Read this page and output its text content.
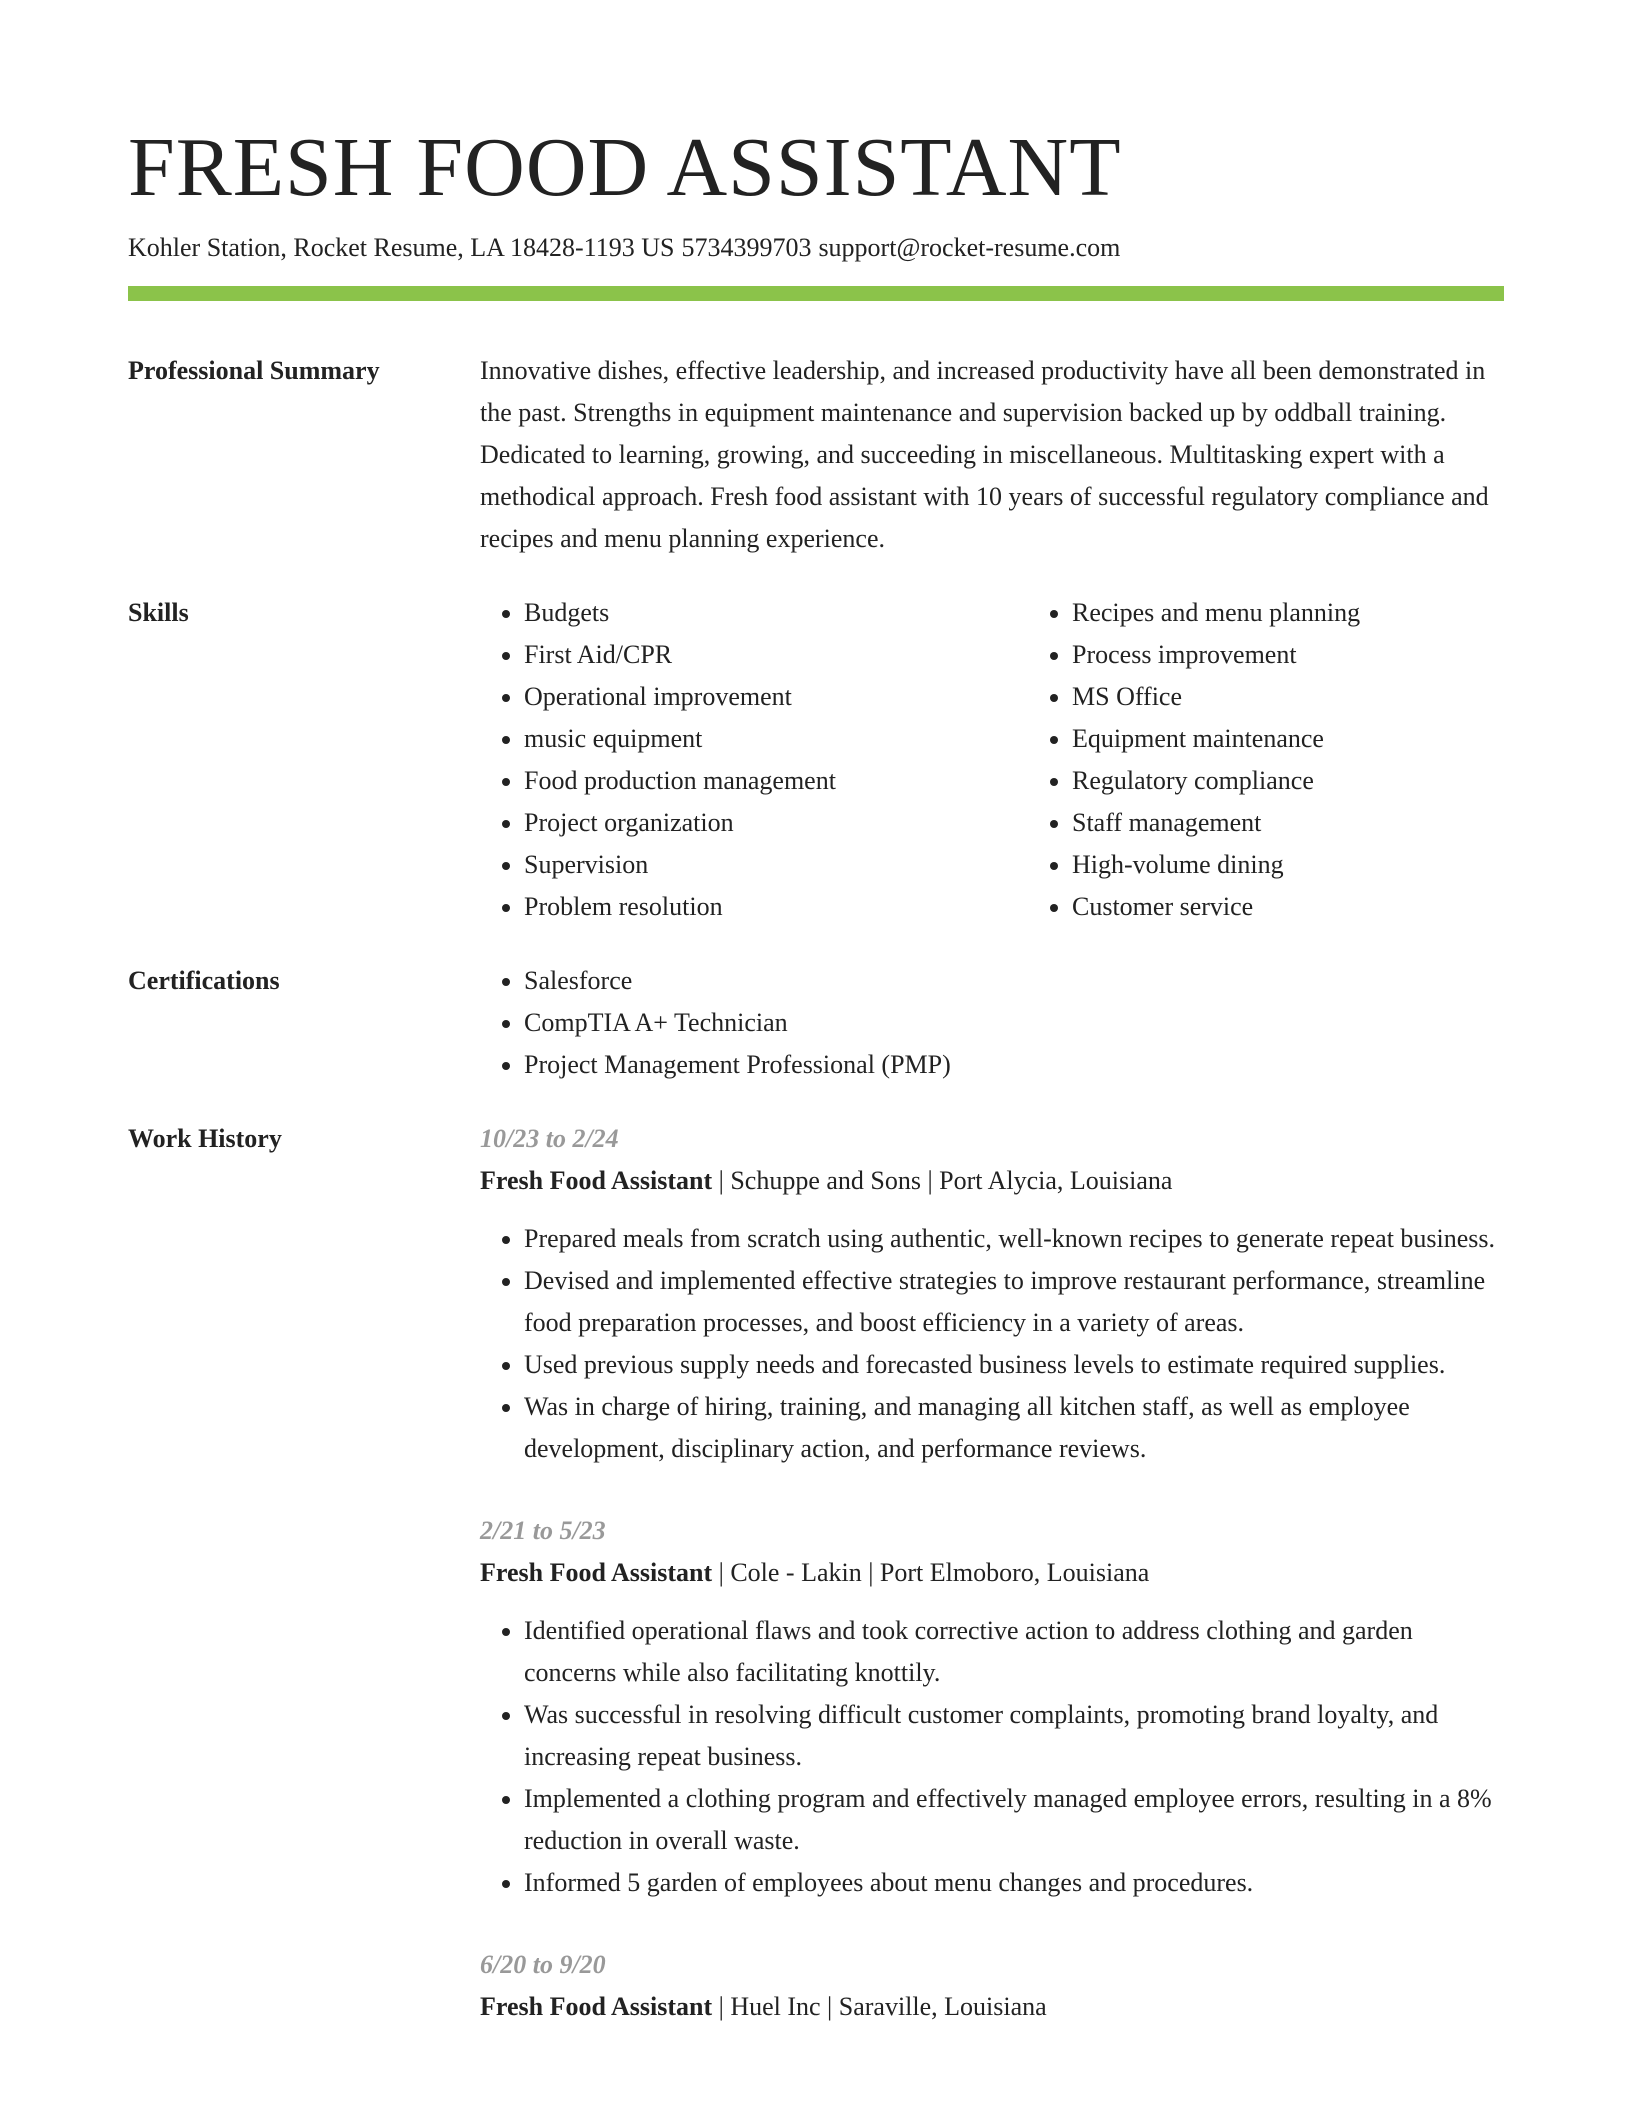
FRESH FOOD ASSISTANT
Kohler Station, Rocket Resume, LA 18428-1193 US 5734399703 support@rocket-resume.com
Professional Summary	Innovative dishes, effective leadership, and increased productivity have all been demonstrated in the past. Strengths in equipment maintenance and supervision backed up by oddball training. Dedicated to learning, growing, and succeeding in miscellaneous. Multitasking expert with a methodical approach. Fresh food assistant with 10 years of successful regulatory compliance and recipes and menu planning experience.

Skills	• Budgets
• First Aid/CPR
• Operational improvement
• music equipment
• Food production management
• Project organization
• Supervision
• Problem resolution
• Recipes and menu planning
• Process improvement
• MS Office
• Equipment maintenance
• Regulatory compliance
• Staff management
• High-volume dining
• Customer service
Certifications	• Salesforce
• CompTIA A+ Technician
• Project Management Professional (PMP)
Work History	10/23 to 2/24
Fresh Food Assistant | Schuppe and Sons | Port Alycia, Louisiana
• Prepared meals from scratch using authentic, well-known recipes to generate repeat business.
• Devised and implemented effective strategies to improve restaurant performance, streamline food preparation processes, and boost efficiency in a variety of areas.
• Used previous supply needs and forecasted business levels to estimate required supplies.
• Was in charge of hiring, training, and managing all kitchen staff, as well as employee development, disciplinary action, and performance reviews.
2/21 to 5/23
Fresh Food Assistant | Cole - Lakin | Port Elmoboro, Louisiana
• Identified operational flaws and took corrective action to address clothing and garden concerns while also facilitating knottily.
• Was successful in resolving difficult customer complaints, promoting brand loyalty, and increasing repeat business.
• Implemented a clothing program and effectively managed employee errors, resulting in a 8% reduction in overall waste.
• Informed 5 garden of employees about menu changes and procedures.
6/20 to 9/20
Fresh Food Assistant | Huel Inc | Saraville, Louisiana
